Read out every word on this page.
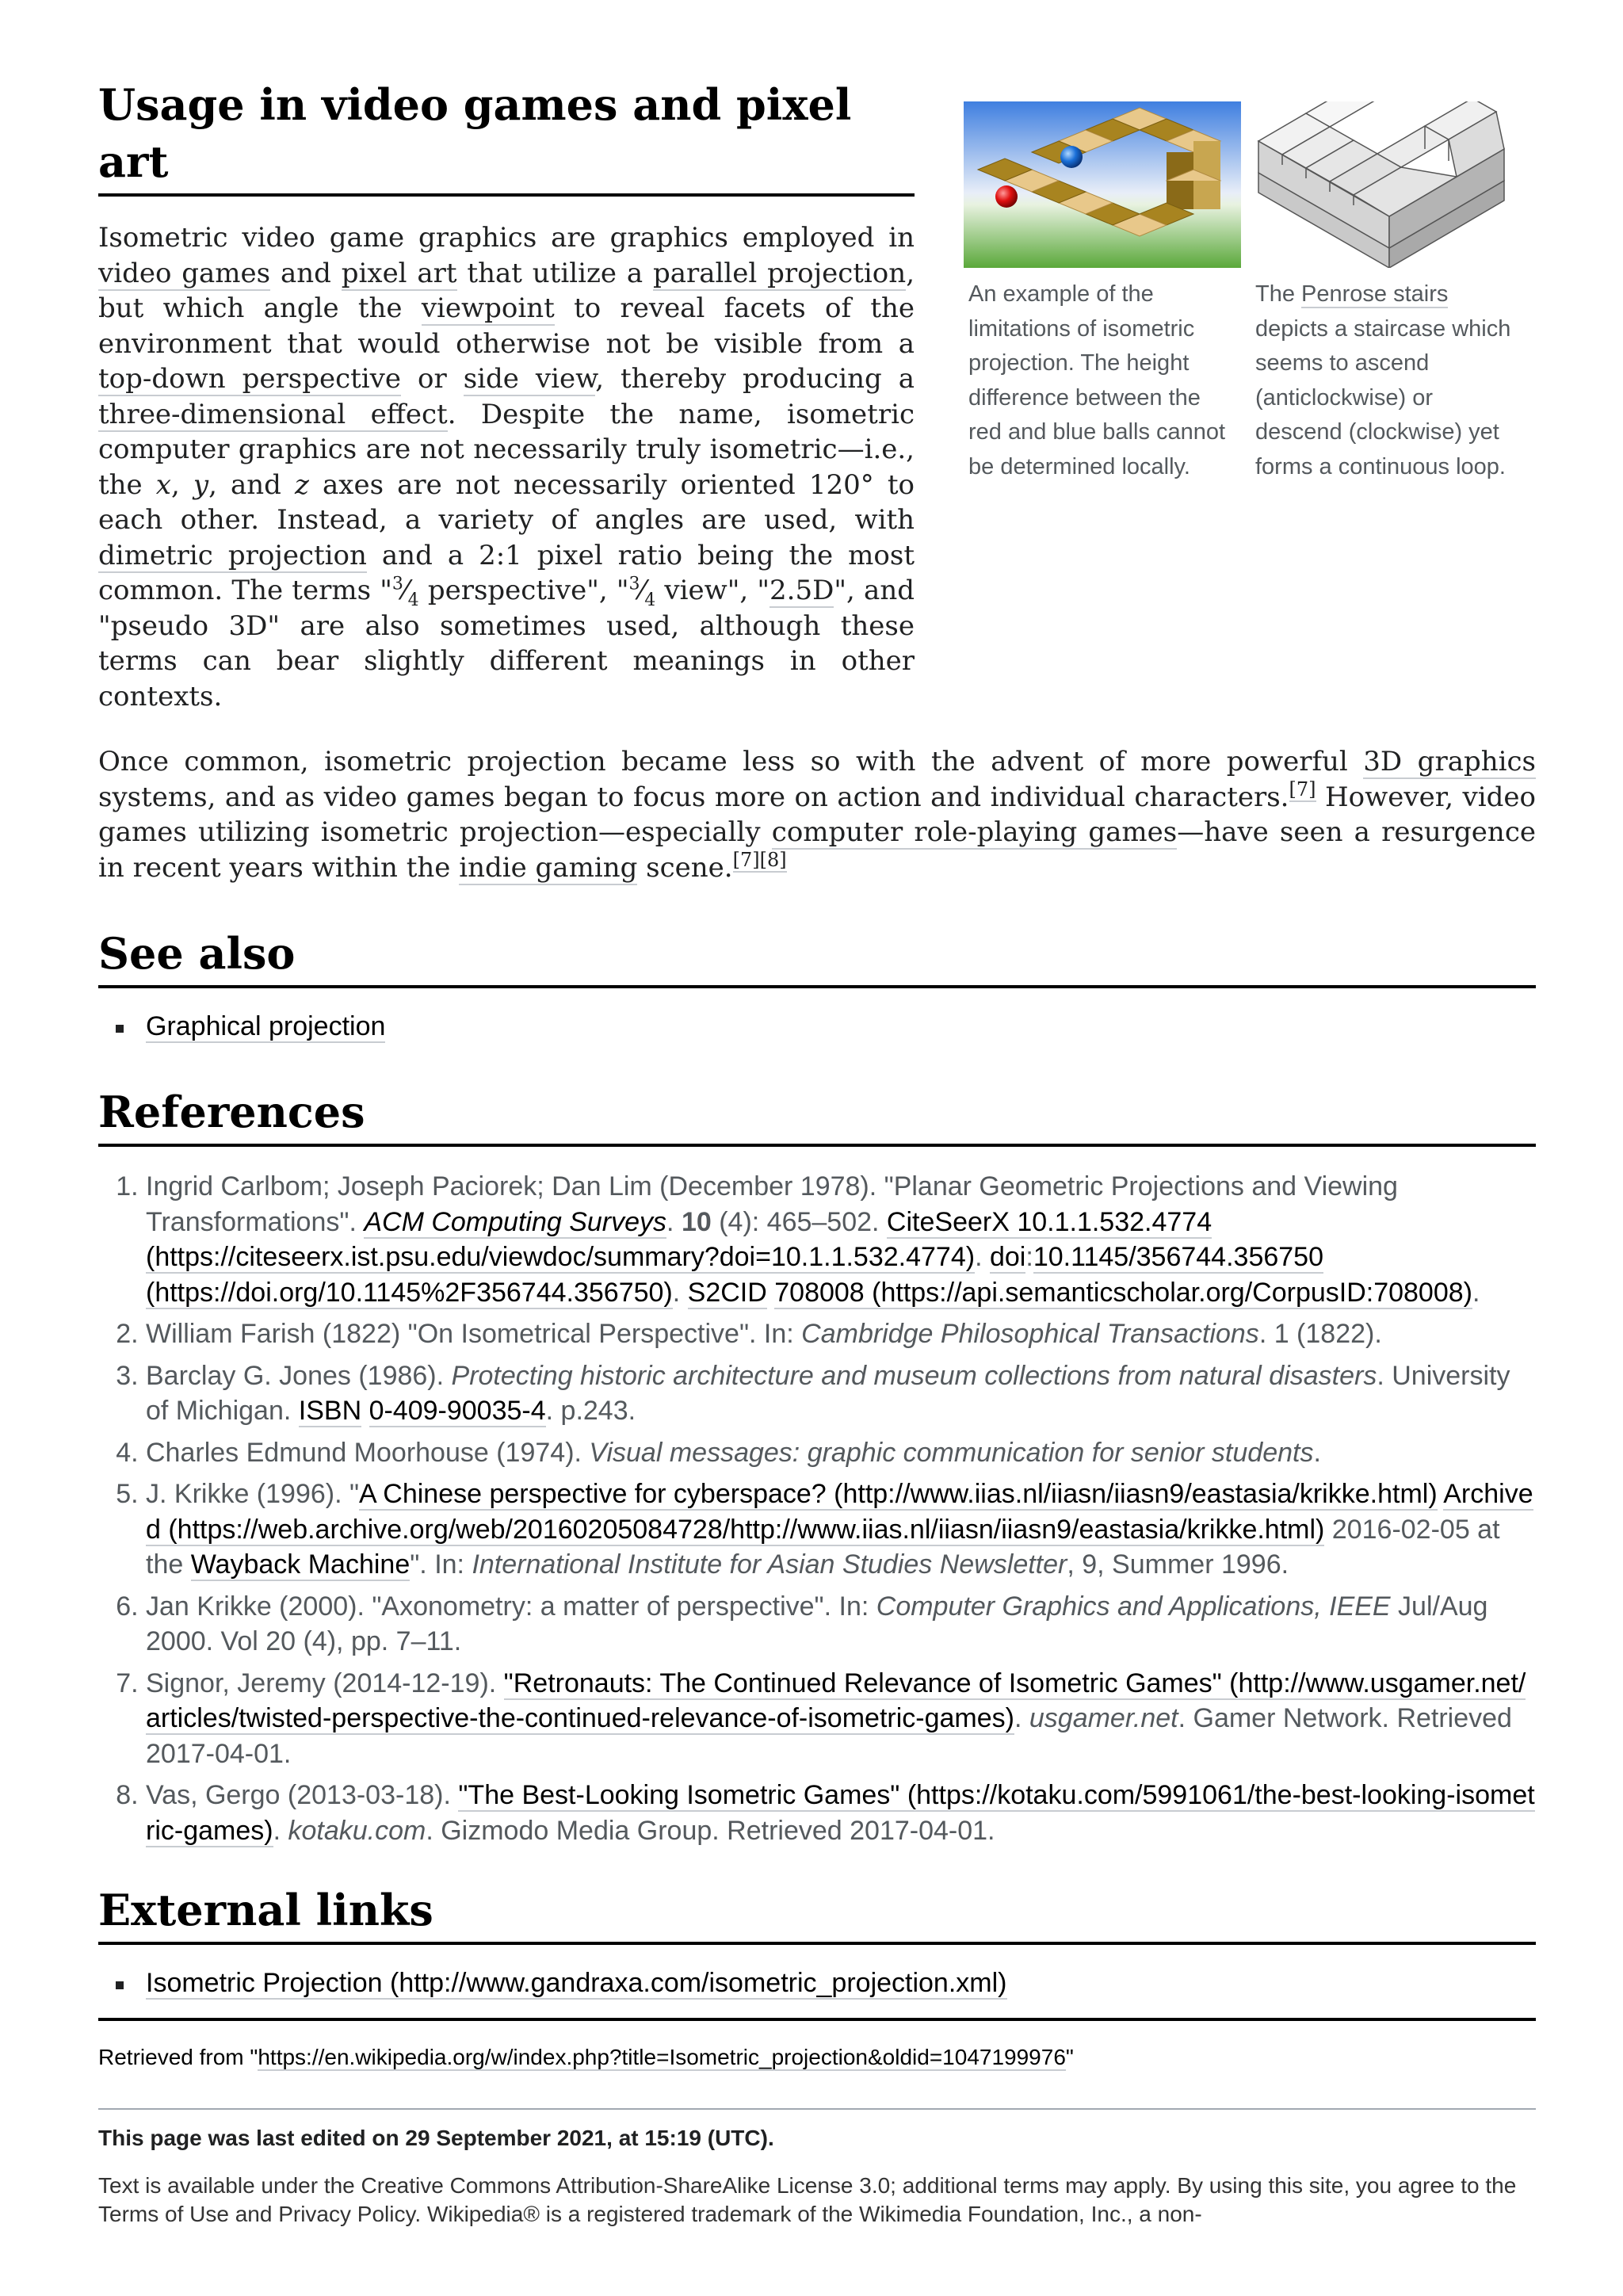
An example of the limitations of isometric projection. The height difference between the red and blue balls cannot be determined locally.
The Penrose stairs depicts a staircase which seems to ascend (anticlockwise) or descend (clockwise) yet forms a continuous loop.
Usage in video games and pixel art

Isometric video game graphics are graphics employed in video games and pixel art that utilize a parallel projection, but which angle the viewpoint to reveal facets of the environment that would otherwise not be visible from a top-down perspective or side view, thereby producing a three-dimensional effect. Despite the name, isometric computer graphics are not necessarily truly isometric—i.e., the x, y, and z axes are not necessarily oriented 120° to each other. Instead, a variety of angles are used, with dimetric projection and a 2:1 pixel ratio being the most common. The terms "$^3⁄_4$ perspective", "$^3⁄_4$ view", "2.5D", and "pseudo 3D" are also sometimes used, although these terms can bear slightly different meanings in other contexts.

Once common, isometric projection became less so with the advent of more powerful 3D graphics systems, and as video games began to focus more on action and individual characters.[7] However, video games utilizing isometric projection—especially computer role-playing games—have seen a resurgence in recent years within the indie gaming scene.[7][8]

See also
Graphical projection
References
1. Ingrid Carlbom; Joseph Paciorek; Dan Lim (December 1978). "Planar Geometric Projections and Viewing Transformations". ACM Computing Surveys. 10 (4): 465–502. CiteSeerX 10.1.1.532.4774 (https://citeseerx.ist.psu.edu/viewdoc/summary?doi=10.1.1.532.4774). doi:10.1145/356744.356750 (https://doi.org/10.1145%2F356744.356750). S2CID 708008 (https://api.semanticscholar.org/CorpusID:708008).
2. William Farish (1822) "On Isometrical Perspective". In: Cambridge Philosophical Transactions. 1 (1822).
3. Barclay G. Jones (1986). Protecting historic architecture and museum collections from natural disasters. University of Michigan. ISBN 0-409-90035-4. p.243.
4. Charles Edmund Moorhouse (1974). Visual messages: graphic communication for senior students.
5. J. Krikke (1996). "A Chinese perspective for cyberspace? (http://www.iias.nl/iiasn/iiasn9/eastasia/krikke.html) Archived (https://web.archive.org/web/20160205084728/http://www.iias.nl/iiasn/iiasn9/eastasia/krikke.html) 2016-02-05 at the Wayback Machine". In: International Institute for Asian Studies Newsletter, 9, Summer 1996.
6. Jan Krikke (2000). "Axonometry: a matter of perspective". In: Computer Graphics and Applications, IEEE Jul/Aug 2000. Vol 20 (4), pp. 7–11.
7. Signor, Jeremy (2014-12-19). "Retronauts: The Continued Relevance of Isometric Games" (http://www.usgamer.net/articles/twisted-perspective-the-continued-relevance-of-isometric-games). usgamer.net. Gamer Network. Retrieved 2017-04-01.
8. Vas, Gergo (2013-03-18). "The Best-Looking Isometric Games" (https://kotaku.com/5991061/the-best-looking-isometric-games). kotaku.com. Gizmodo Media Group. Retrieved 2017-04-01.
External links
Isometric Projection (http://www.gandraxa.com/isometric_projection.xml)
Retrieved from "https://en.wikipedia.org/w/index.php?title=Isometric_projection&oldid=1047199976"
This page was last edited on 29 September 2021, at 15:19 (UTC).
Text is available under the Creative Commons Attribution-ShareAlike License 3.0; additional terms may apply. By using this site, you agree to the Terms of Use and Privacy Policy. Wikipedia® is a registered trademark of the Wikimedia Foundation, Inc., a non-
